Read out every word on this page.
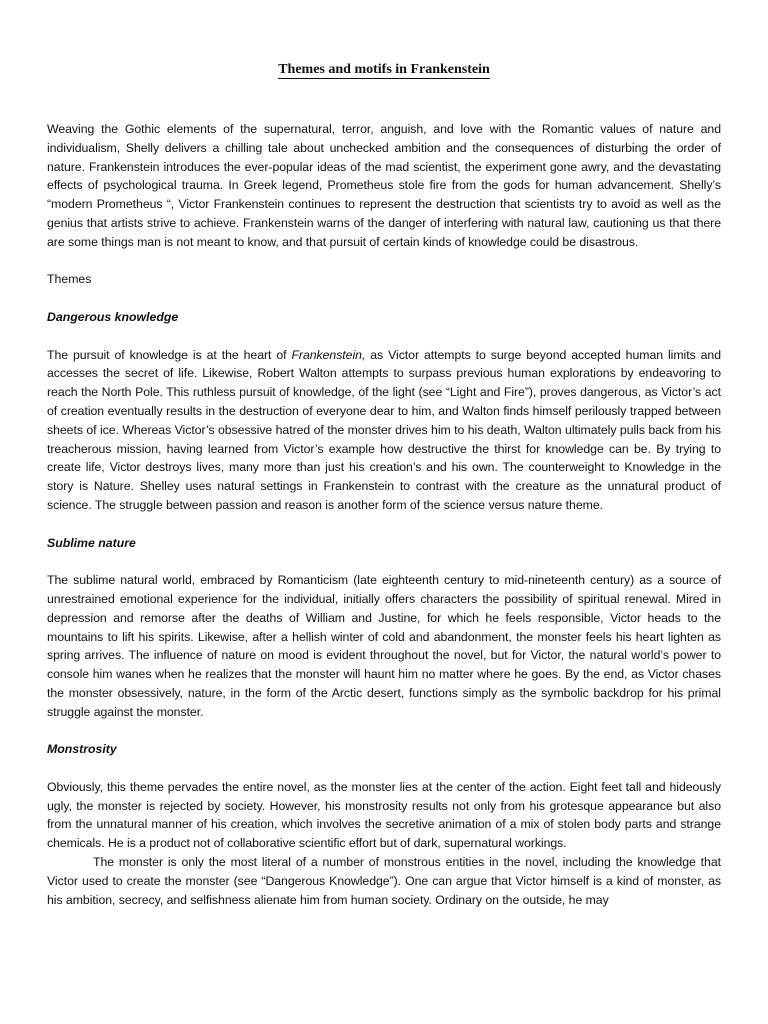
Themes and motifs in Frankenstein

Weaving the Gothic elements of the supernatural, terror, anguish, and love with the Romantic values of nature and individualism, Shelly delivers a chilling tale about unchecked ambition and the consequences of disturbing the order of nature. Frankenstein introduces the ever-popular ideas of the mad scientist, the experiment gone awry, and the devastating effects of psychological trauma. In Greek legend, Prometheus stole fire from the gods for human advancement. Shelly’s “modern Prometheus “, Victor Frankenstein continues to represent the destruction that scientists try to avoid as well as the genius that artists strive to achieve. Frankenstein warns of the danger of interfering with natural law, cautioning us that there are some things man is not meant to know, and that pursuit of certain kinds of knowledge could be disastrous.

Themes
Dangerous knowledge

The pursuit of knowledge is at the heart of Frankenstein, as Victor attempts to surge beyond accepted human limits and accesses the secret of life. Likewise, Robert Walton attempts to surpass previous human explorations by endeavoring to reach the North Pole. This ruthless pursuit of knowledge, of the light (see “Light and Fire”), proves dangerous, as Victor’s act of creation eventually results in the destruction of everyone dear to him, and Walton finds himself perilously trapped between sheets of ice. Whereas Victor’s obsessive hatred of the monster drives him to his death, Walton ultimately pulls back from his treacherous mission, having learned from Victor’s example how destructive the thirst for knowledge can be. By trying to create life, Victor destroys lives, many more than just his creation’s and his own. The counterweight to Knowledge in the story is Nature. Shelley uses natural settings in Frankenstein to contrast with the creature as the unnatural product of science. The struggle between passion and reason is another form of the science versus nature theme.

Sublime nature

The sublime natural world, embraced by Romanticism (late eighteenth century to mid-nineteenth century) as a source of unrestrained emotional experience for the individual, initially offers characters the possibility of spiritual renewal. Mired in depression and remorse after the deaths of William and Justine, for which he feels responsible, Victor heads to the mountains to lift his spirits. Likewise, after a hellish winter of cold and abandonment, the monster feels his heart lighten as spring arrives. The influence of nature on mood is evident throughout the novel, but for Victor, the natural world’s power to console him wanes when he realizes that the monster will haunt him no matter where he goes. By the end, as Victor chases the monster obsessively, nature, in the form of the Arctic desert, functions simply as the symbolic backdrop for his primal struggle against the monster.

Monstrosity

Obviously, this theme pervades the entire novel, as the monster lies at the center of the action. Eight feet tall and hideously ugly, the monster is rejected by society. However, his monstrosity results not only from his grotesque appearance but also from the unnatural manner of his creation, which involves the secretive animation of a mix of stolen body parts and strange chemicals. He is a product not of collaborative scientific effort but of dark, supernatural workings.

The monster is only the most literal of a number of monstrous entities in the novel, including the knowledge that Victor used to create the monster (see “Dangerous Knowledge”). One can argue that Victor himself is a kind of monster, as his ambition, secrecy, and selfishness alienate him from human society. Ordinary on the outside, he may
